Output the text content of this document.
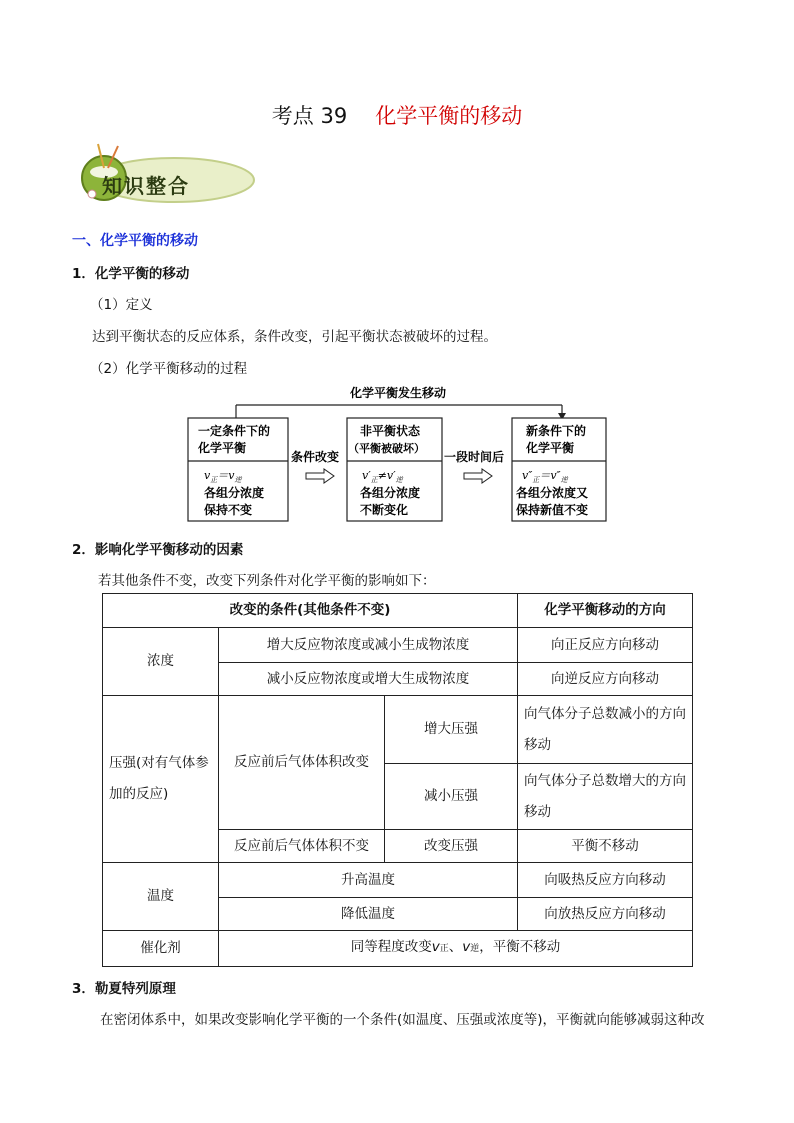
考点 39 化学平衡的移动
知识整合
一、化学平衡的移动
1．化学平衡的移动
（1）定义
达到平衡状态的反应体系，条件改变，引起平衡状态被破坏的过程。
（2）化学平衡移动的过程
化学平衡发生移动
一定条件下的
化学平衡
$v_正=v_逆$
各组分浓度
保持不变
条件改变
非平衡状态
（平衡被破坏）
$v'_正\ne v'_逆$
各组分浓度
不断变化
一段时间后
新条件下的
化学平衡
$v''_正=v''_逆$
各组分浓度又
保持新值不变
2．影响化学平衡移动的因素
若其他条件不变，改变下列条件对化学平衡的影响如下：
改变的条件(其他条件不变)			化学平衡移动的方向
浓度	增大反应物浓度或减小生成物浓度		向正反应方向移动
	减小反应物浓度或增大生成物浓度		向逆反应方向移动
压强(对有气体参加的反应)	反应前后气体体积改变	增大压强	向气体分子总数减小的方向移动
		减小压强	向气体分子总数增大的方向移动
	反应前后气体体积不变	改变压强	平衡不移动
温度	升高温度		向吸热反应方向移动
	降低温度		向放热反应方向移动
催化剂	同等程度改变v正、v逆，平衡不移动		
3．勒夏特列原理
在密闭体系中，如果改变影响化学平衡的一个条件(如温度、压强或浓度等)，平衡就向能够减弱这种改
